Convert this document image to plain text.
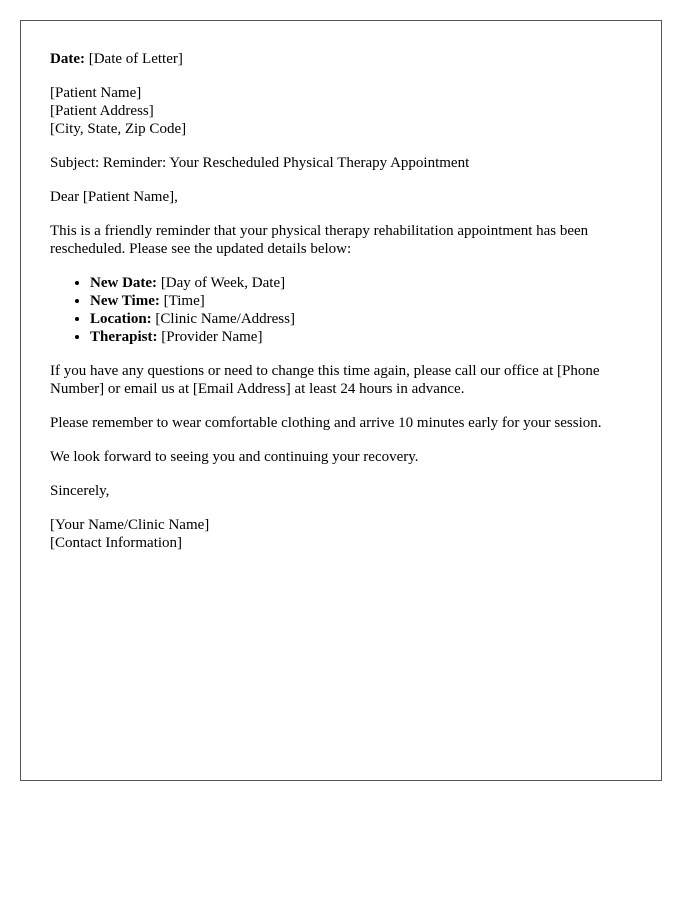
Date: [Date of Letter]
[Patient Name]
[Patient Address]
[City, State, Zip Code]

Subject: Reminder: Your Rescheduled Physical Therapy Appointment

Dear [Patient Name],

This is a friendly reminder that your physical therapy rehabilitation appointment has been rescheduled. Please see the updated details below:

• New Date: [Day of Week, Date]
• New Time: [Time]
• Location: [Clinic Name/Address]
• Therapist: [Provider Name]

If you have any questions or need to change this time again, please call our office at [Phone Number] or email us at [Email Address] at least 24 hours in advance.

Please remember to wear comfortable clothing and arrive 10 minutes early for your session.

We look forward to seeing you and continuing your recovery.

Sincerely,

[Your Name/Clinic Name]
[Contact Information]
